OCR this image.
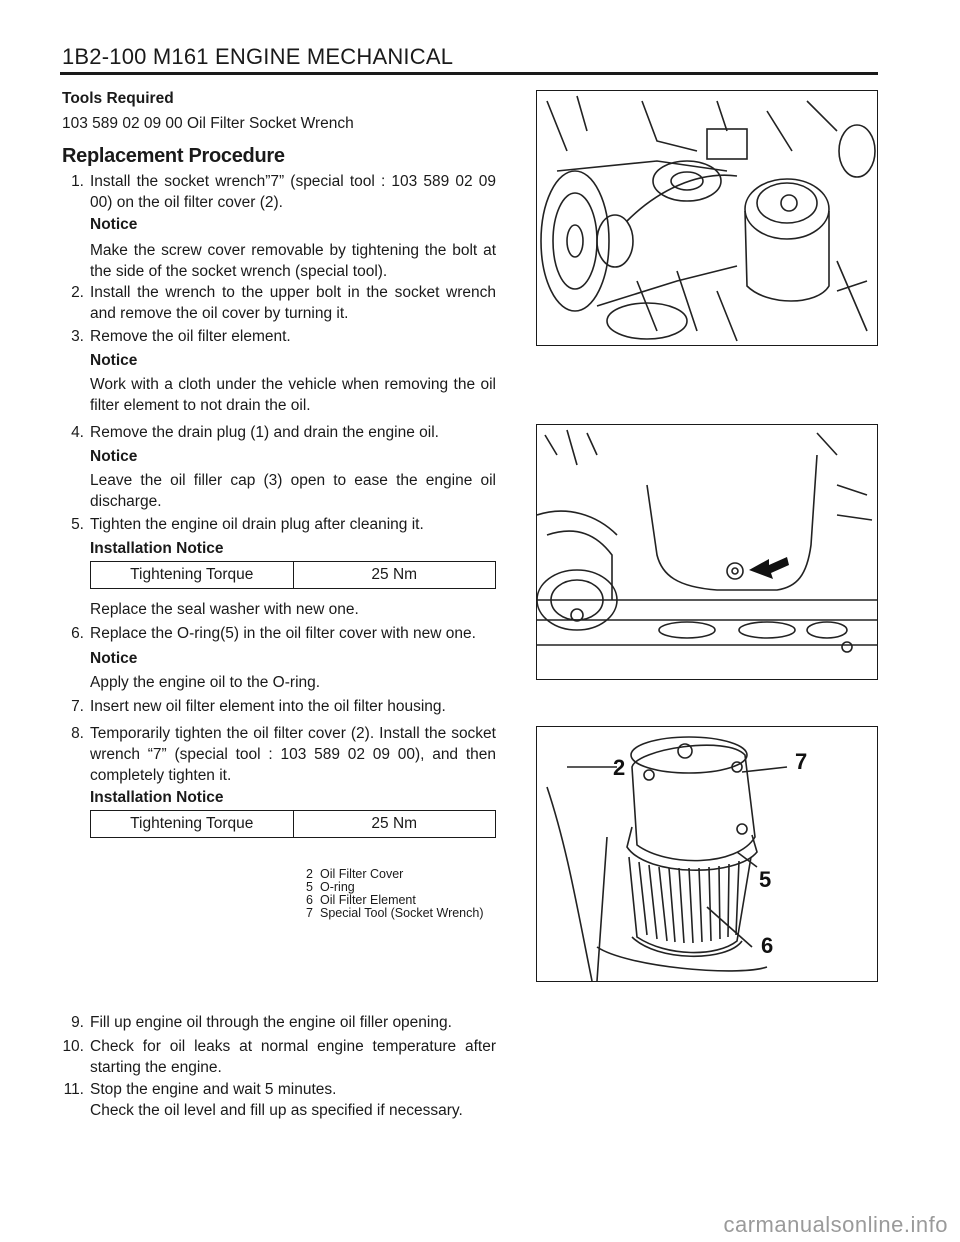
1B2-100 M161 ENGINE MECHANICAL
Tools Required
103 589 02 09 00 Oil Filter Socket Wrench
Replacement Procedure
1. Install the socket wrench”7” (special tool : 103 589 02 09 00) on the oil filter cover (2).
Notice
Make the screw cover removable by tightening the bolt at the side of the socket wrench (special tool).
2. Install the wrench to the upper bolt in the socket wrench and remove the oil cover by turning it.
3. Remove the oil filter element.
Notice
Work with a cloth under the vehicle when removing the oil filter element to not drain the oil.
4. Remove the drain plug (1) and drain the engine oil.
Notice
Leave the oil filler cap (3) open to ease the engine oil discharge.
5. Tighten the engine oil drain plug after cleaning it.
Installation Notice
Tightening Torque	25 Nm
Replace the seal washer with new one.
6. Replace the O-ring(5) in the oil filter cover with new one.
Notice
Apply the engine oil to the O-ring.
7. Insert new oil filter element into the oil filter housing.
8. Temporarily tighten the oil filter cover (2). Install the socket wrench “7” (special tool : 103 589 02 09 00), and then completely tighten it.
Installation Notice
Tightening Torque	25 Nm
2 Oil Filter Cover
5 O-ring
6 Oil Filter Element
7 Special Tool (Socket Wrench)
9. Fill up engine oil through the engine oil filler opening.
10. Check for oil leaks at normal engine temperature after starting the engine.
11. Stop the engine and wait 5 minutes.
Check the oil level and fill up as specified if necessary.
2	7
5
6
carmanualsonline.info
